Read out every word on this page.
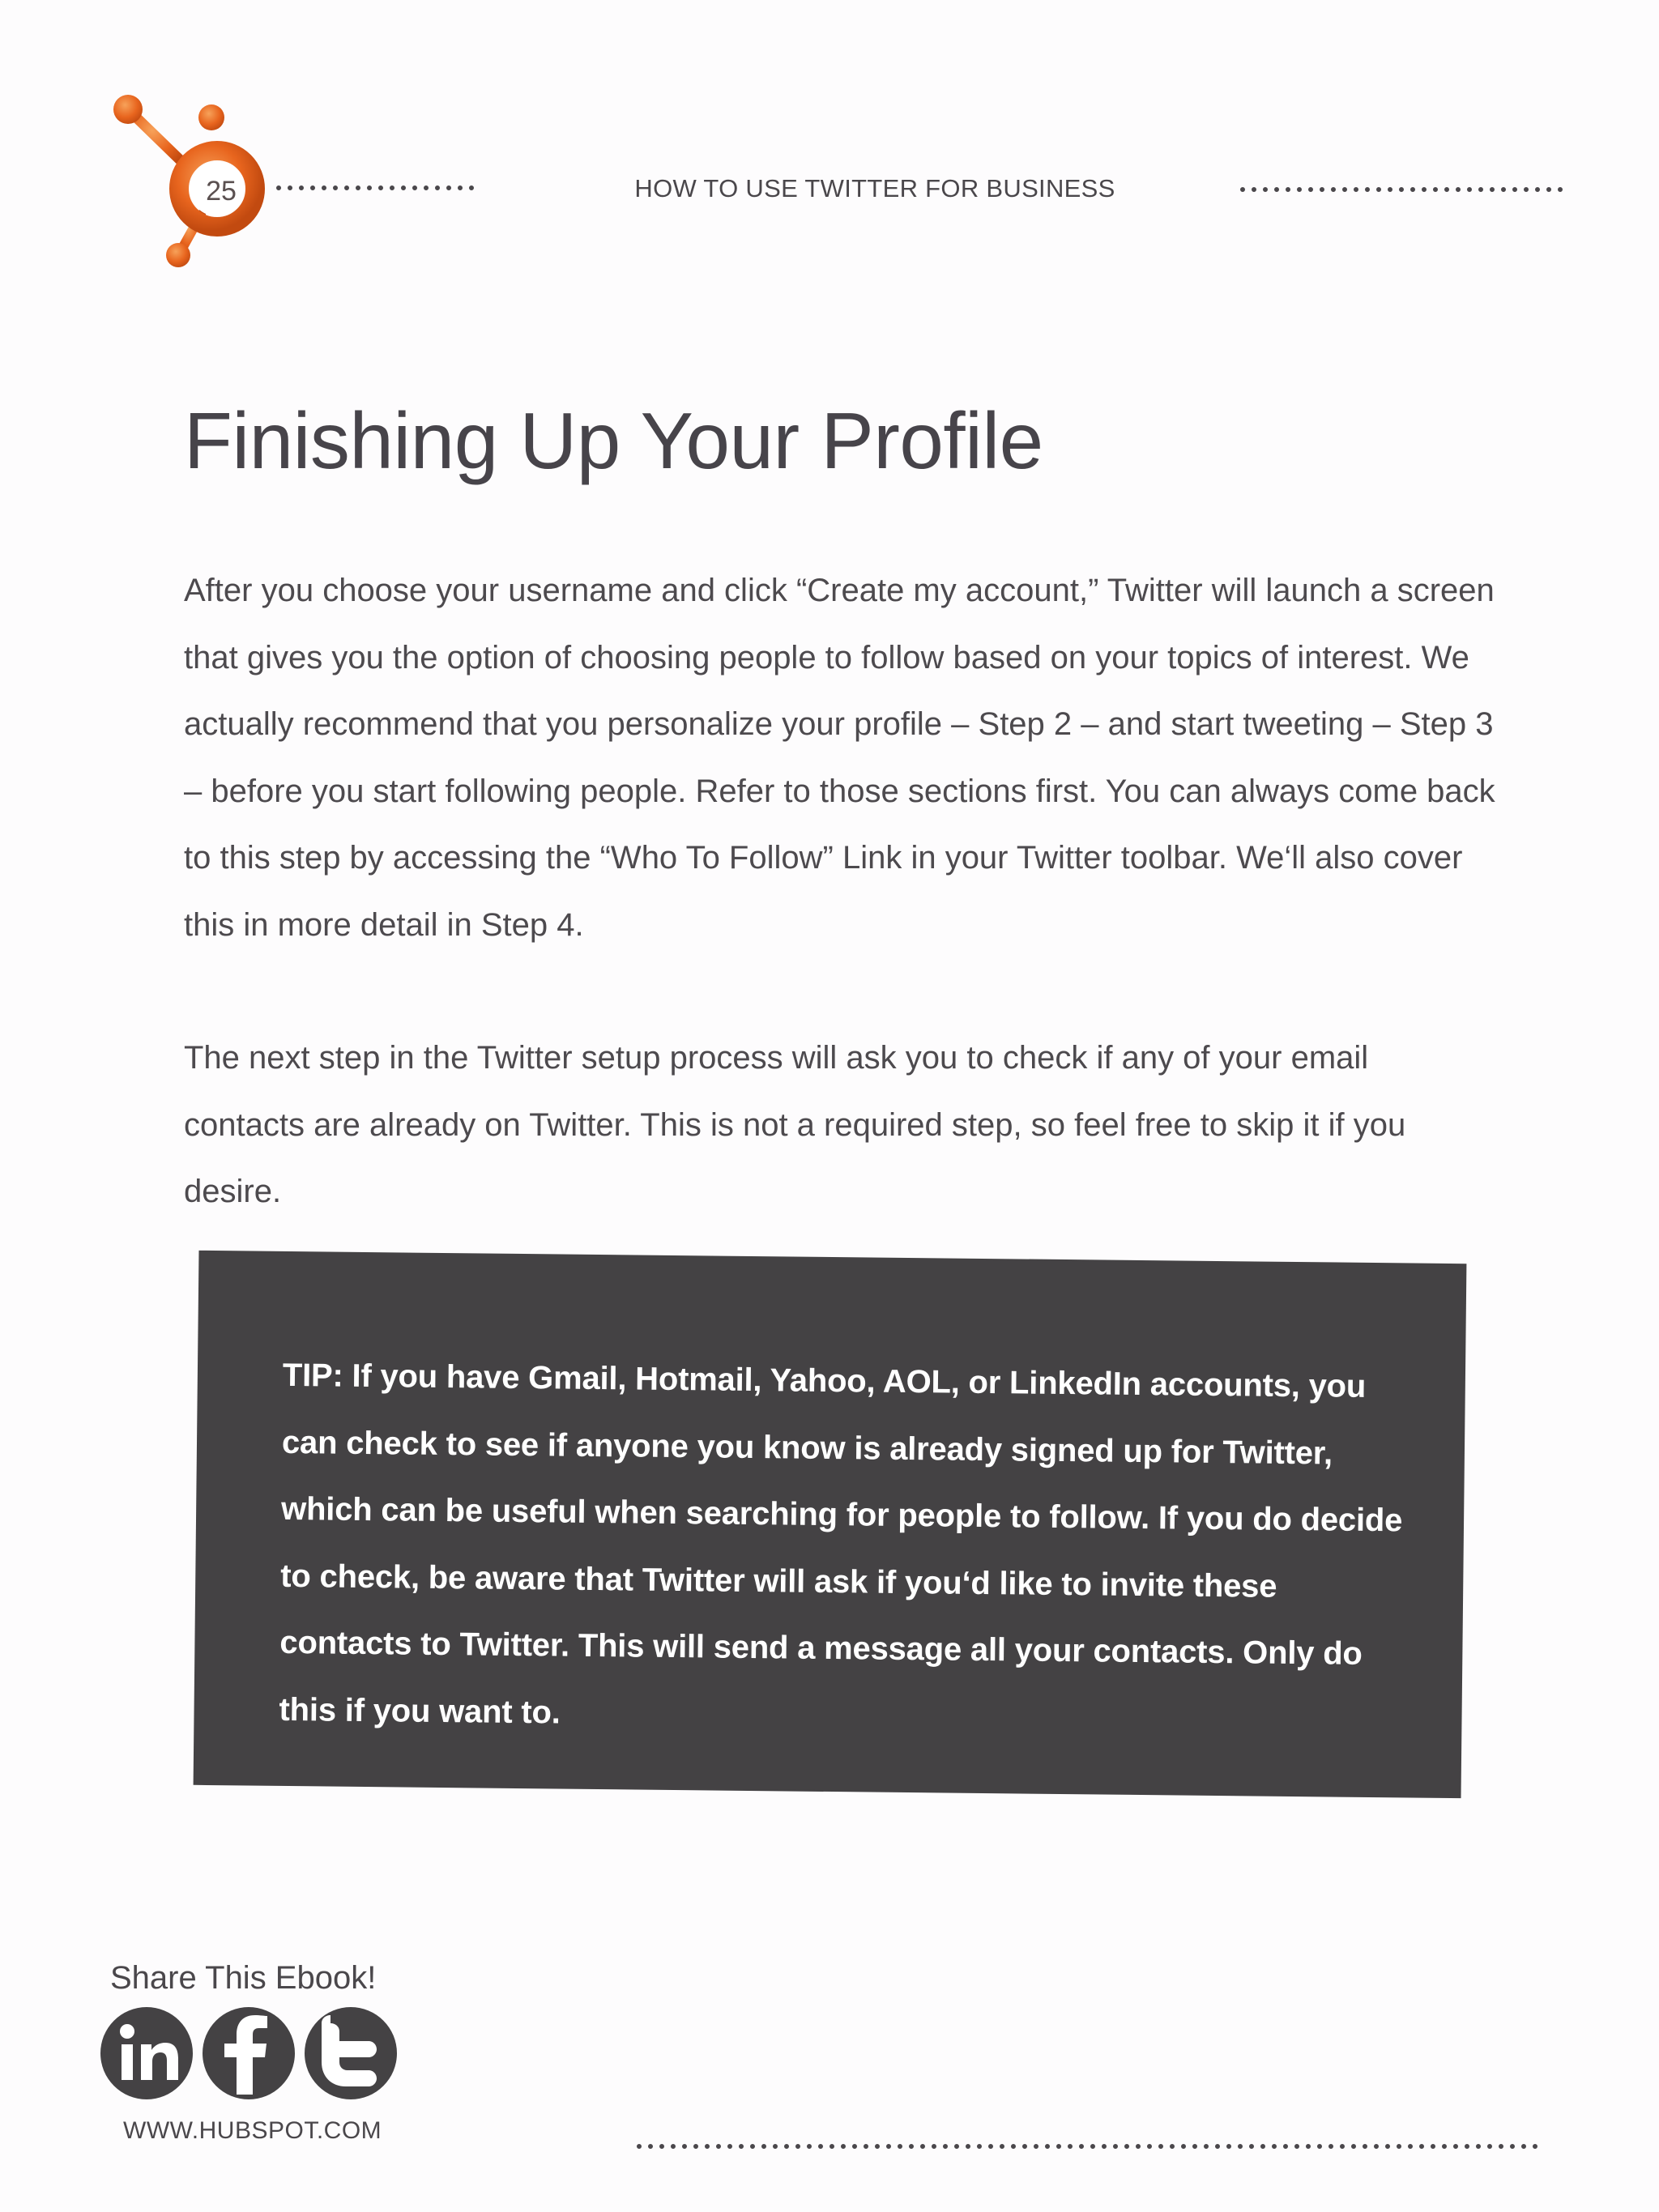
25	HOW TO USE TWITTER FOR BUSINESS
Finishing Up Your Profile

After you choose your username and click “Create my account,” Twitter will launch a screen that gives you the option of choosing people to follow based on your topics of interest. We actually recommend that you personalize your profile – Step 2 – and start tweeting – Step 3 – before you start following people. Refer to those sections first. You can always come back to this step by accessing the “Who To Follow” Link in your Twitter toolbar. We‘ll also cover this in more detail in Step 4.

The next step in the Twitter setup process will ask you to check if any of your email contacts are already on Twitter. This is not a required step, so feel free to skip it if you desire.

TIP: If you have Gmail, Hotmail, Yahoo, AOL, or LinkedIn accounts, you can check to see if anyone you know is already signed up for Twitter, which can be useful when searching for people to follow. If you do decide to check, be aware that Twitter will ask if you‘d like to invite these contacts to Twitter. This will send a message all your contacts. Only do this if you want to.

Share This Ebook!
WWW.HUBSPOT.COM
